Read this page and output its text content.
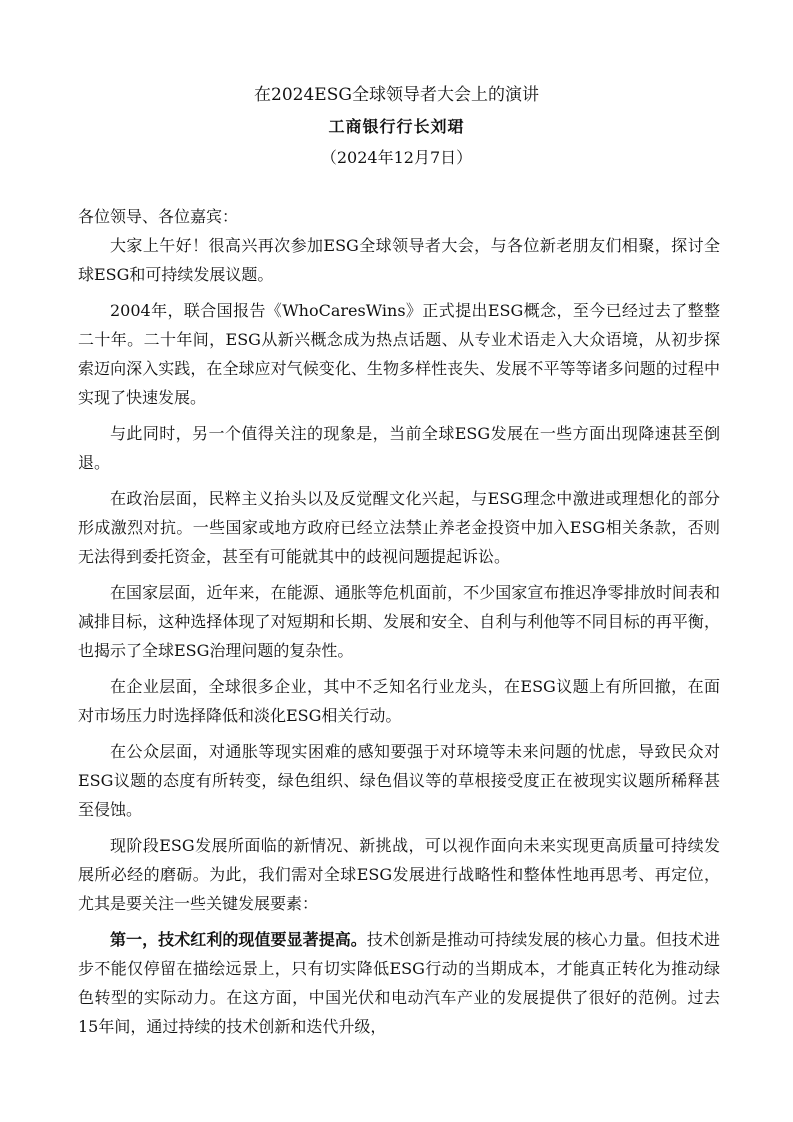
在2024ESG全球领导者大会上的演讲
工商银行行长刘珺
（2024年12月7日）

各位领导、各位嘉宾：

大家上午好！很高兴再次参加ESG全球领导者大会，与各位新老朋友们相聚，探讨全球ESG和可持续发展议题。

2004年，联合国报告《WhoCaresWins》正式提出ESG概念，至今已经过去了整整二十年。二十年间，ESG从新兴概念成为热点话题、从专业术语走入大众语境，从初步探索迈向深入实践，在全球应对气候变化、生物多样性丧失、发展不平等等诸多问题的过程中实现了快速发展。

与此同时，另一个值得关注的现象是，当前全球ESG发展在一些方面出现降速甚至倒退。

在政治层面，民粹主义抬头以及反觉醒文化兴起，与ESG理念中激进或理想化的部分形成激烈对抗。一些国家或地方政府已经立法禁止养老金投资中加入ESG相关条款，否则无法得到委托资金，甚至有可能就其中的歧视问题提起诉讼。

在国家层面，近年来，在能源、通胀等危机面前，不少国家宣布推迟净零排放时间表和减排目标，这种选择体现了对短期和长期、发展和安全、自利与利他等不同目标的再平衡，也揭示了全球ESG治理问题的复杂性。

在企业层面，全球很多企业，其中不乏知名行业龙头，在ESG议题上有所回撤，在面对市场压力时选择降低和淡化ESG相关行动。

在公众层面，对通胀等现实困难的感知要强于对环境等未来问题的忧虑，导致民众对ESG议题的态度有所转变，绿色组织、绿色倡议等的草根接受度正在被现实议题所稀释甚至侵蚀。

现阶段ESG发展所面临的新情况、新挑战，可以视作面向未来实现更高质量可持续发展所必经的磨砺。为此，我们需对全球ESG发展进行战略性和整体性地再思考、再定位，尤其是要关注一些关键发展要素：

第一，技术红利的现值要显著提高。技术创新是推动可持续发展的核心力量。但技术进步不能仅停留在描绘远景上，只有切实降低ESG行动的当期成本，才能真正转化为推动绿色转型的实际动力。在这方面，中国光伏和电动汽车产业的发展提供了很好的范例。过去15年间，通过持续的技术创新和迭代升级，
